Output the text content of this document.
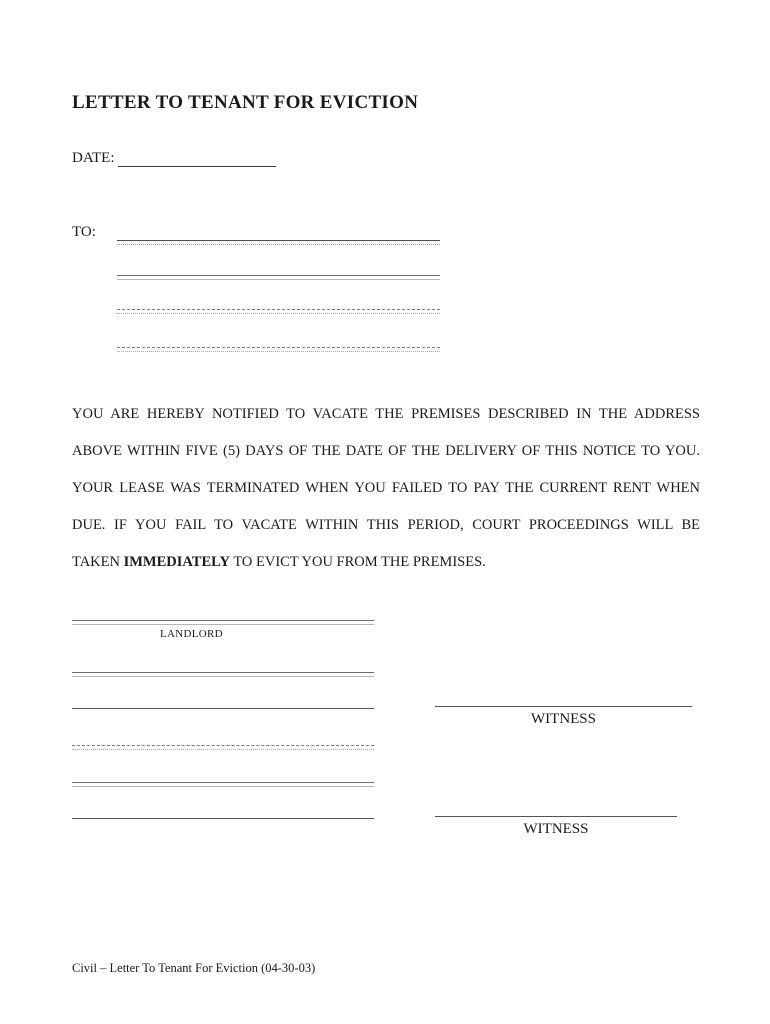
LETTER TO TENANT FOR EVICTION
DATE:
TO:
YOU ARE HEREBY NOTIFIED TO VACATE THE PREMISES DESCRIBED IN THE ADDRESS
ABOVE WITHIN FIVE (5) DAYS OF THE DATE OF THE DELIVERY OF THIS NOTICE TO YOU.
YOUR LEASE WAS TERMINATED WHEN YOU FAILED TO PAY THE CURRENT RENT WHEN
DUE. IF YOU FAIL TO VACATE WITHIN THIS PERIOD, COURT PROCEEDINGS WILL BE
TAKEN IMMEDIATELY TO EVICT YOU FROM THE PREMISES.
LANDLORD
WITNESS
WITNESS
Civil – Letter To Tenant For Eviction (04-30-03)
